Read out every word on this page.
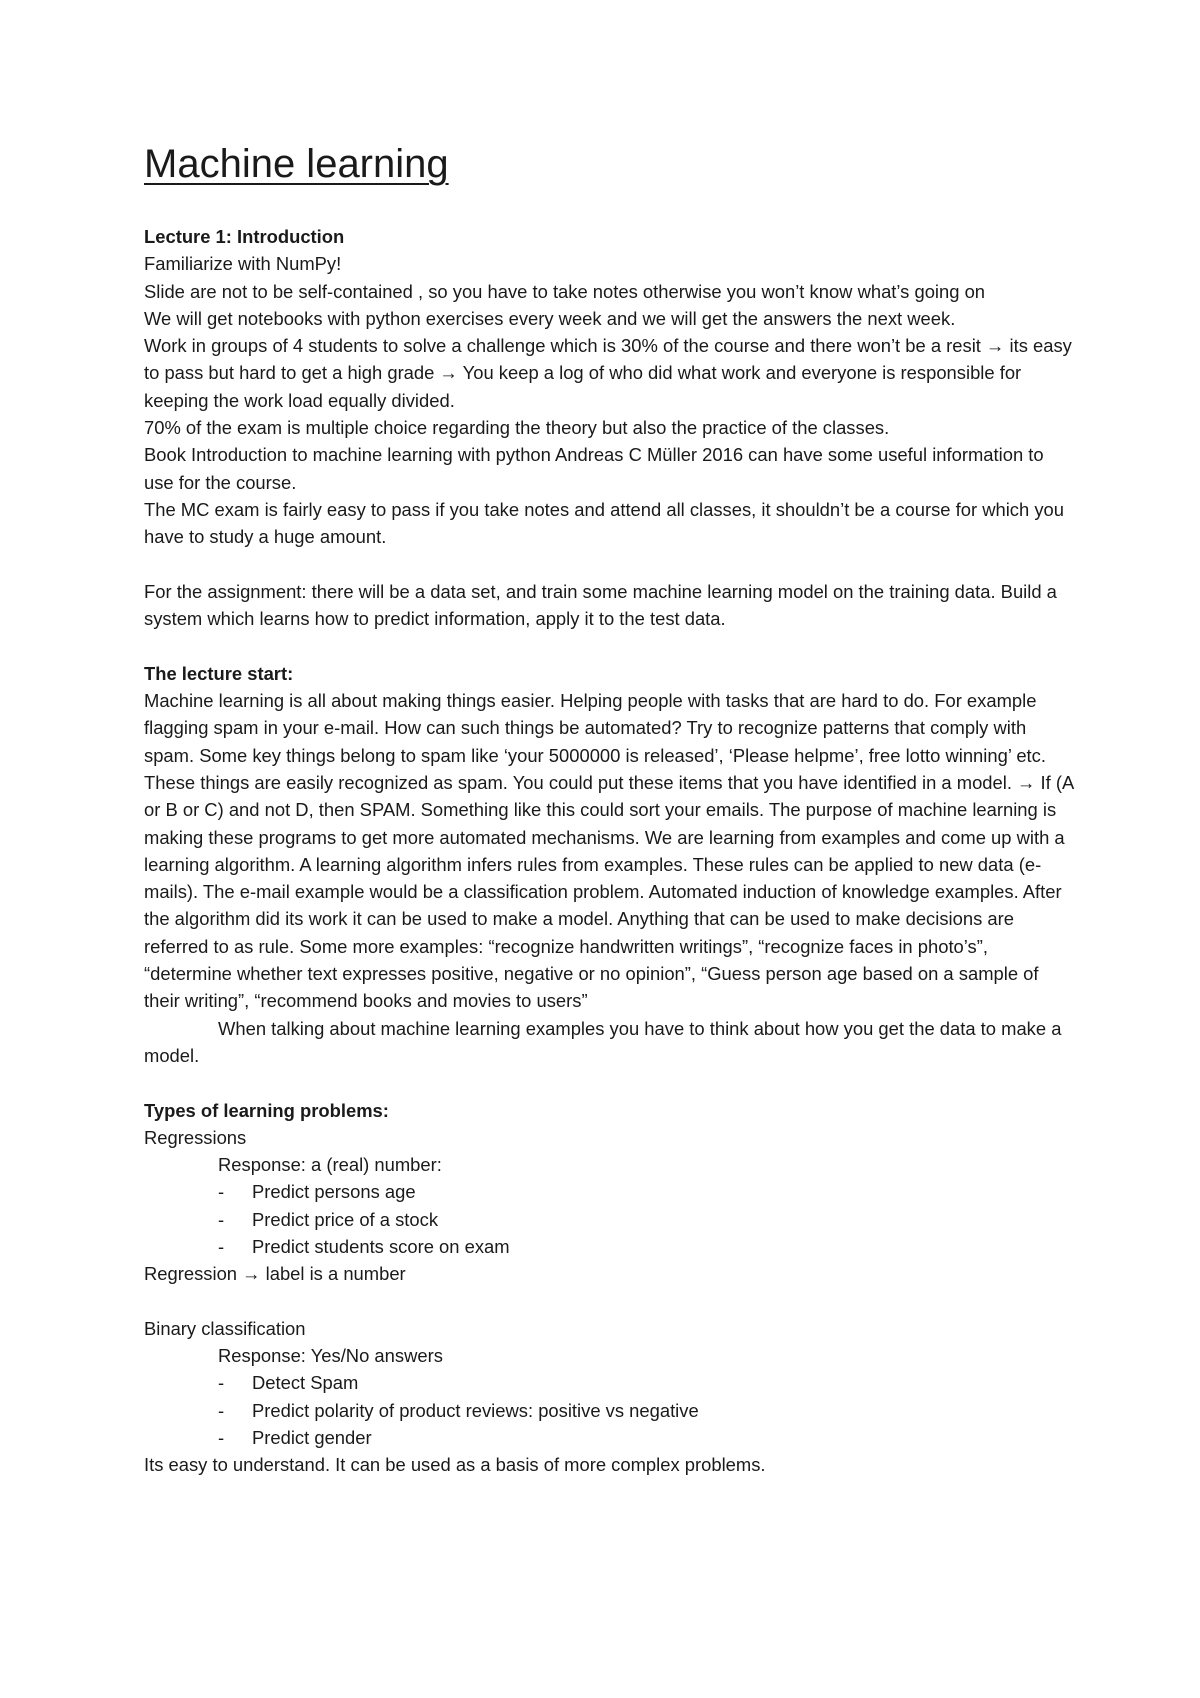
Machine learning

Lecture 1: Introduction

Familiarize with NumPy!

Slide are not to be self-contained , so you have to take notes otherwise you won’t know what’s going on

We will get notebooks with python exercises every week and we will get the answers the next week.

Work in groups of 4 students to solve a challenge which is 30% of the course and there won’t be a resit → its easy to pass but hard to get a high grade → You keep a log of who did what work and everyone is responsible for keeping the work load equally divided.

70% of the exam is multiple choice regarding the theory but also the practice of the classes.

Book Introduction to machine learning with python Andreas C Müller 2016 can have some useful information to use for the course.

The MC exam is fairly easy to pass if you take notes and attend all classes, it shouldn’t be a course for which you have to study a huge amount.

For the assignment: there will be a data set, and train some machine learning model on the training data. Build a system which learns how to predict information, apply it to the test data.

The lecture start:

Machine learning is all about making things easier. Helping people with tasks that are hard to do. For example flagging spam in your e-mail. How can such things be automated? Try to recognize patterns that comply with spam. Some key things belong to spam like ‘your 5000000 is released’, ‘Please helpme’, free lotto winning’ etc. These things are easily recognized as spam. You could put these items that you have identified in a model. → If (A or B or C) and not D, then SPAM. Something like this could sort your emails. The purpose of machine learning is making these programs to get more automated mechanisms. We are learning from examples and come up with a learning algorithm. A learning algorithm infers rules from examples. These rules can be applied to new data (e-mails). The e-mail example would be a classification problem. Automated induction of knowledge examples. After the algorithm did its work it can be used to make a model. Anything that can be used to make decisions are referred to as rule. Some more examples: “recognize handwritten writings”, “recognize faces in photo’s”, “determine whether text expresses positive, negative or no opinion”, “Guess person age based on a sample of their writing”, “recommend books and movies to users”

When talking about machine learning examples you have to think about how you get the data to make a model.

Types of learning problems:

Regressions

Response: a (real) number:

- Predict persons age
- Predict price of a stock
- Predict students score on exam

Regression → label is a number

Binary classification

Response: Yes/No answers

- Detect Spam
- Predict polarity of product reviews: positive vs negative
- Predict gender

Its easy to understand. It can be used as a basis of more complex problems.
